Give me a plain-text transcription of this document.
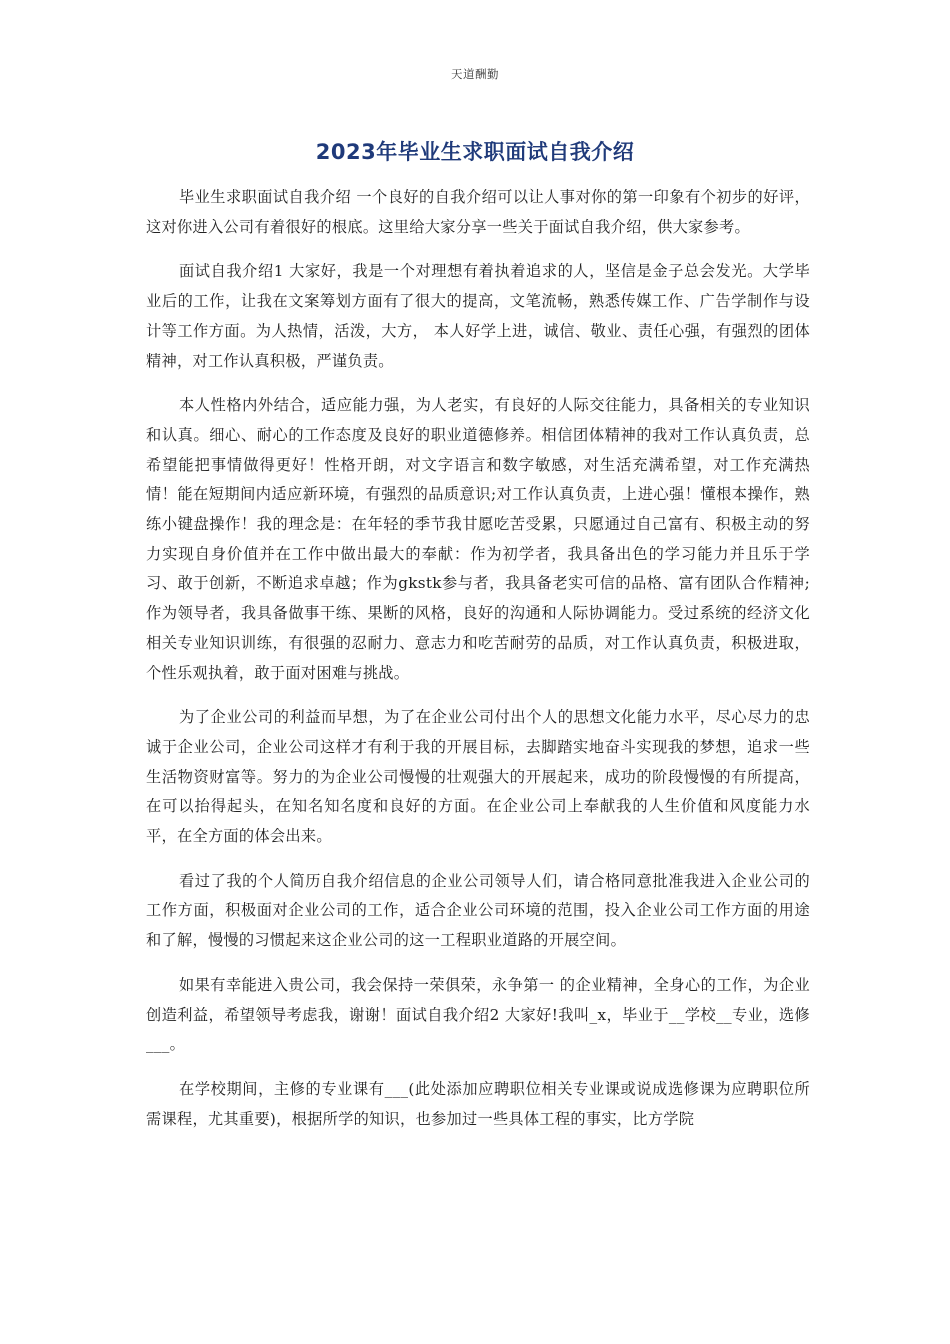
天道酬勤
2023年毕业生求职面试自我介绍

毕业生求职面试自我介绍 一个良好的自我介绍可以让人事对你的第一印象有个初步的好评，这对你进入公司有着很好的根底。这里给大家分享一些关于面试自我介绍，供大家参考。

面试自我介绍1 大家好，我是一个对理想有着执着追求的人，坚信是金子总会发光。大学毕业后的工作，让我在文案筹划方面有了很大的提高，文笔流畅，熟悉传媒工作、广告学制作与设计等工作方面。为人热情，活泼，大方， 本人好学上进，诚信、敬业、责任心强，有强烈的团体精神，对工作认真积极，严谨负责。

本人性格内外结合，适应能力强，为人老实，有良好的人际交往能力，具备相关的专业知识和认真。细心、耐心的工作态度及良好的职业道德修养。相信团体精神的我对工作认真负责，总希望能把事情做得更好！性格开朗，对文字语言和数字敏感，对生活充满希望，对工作充满热情！能在短期间内适应新环境，有强烈的品质意识;对工作认真负责，上进心强！懂根本操作，熟练小键盘操作！我的理念是：在年轻的季节我甘愿吃苦受累，只愿通过自己富有、积极主动的努力实现自身价值并在工作中做出最大的奉献：作为初学者，我具备出色的学习能力并且乐于学习、敢于创新，不断追求卓越；作为gkstk参与者，我具备老实可信的品格、富有团队合作精神;作为领导者，我具备做事干练、果断的风格，良好的沟通和人际协调能力。受过系统的经济文化相关专业知识训练，有很强的忍耐力、意志力和吃苦耐劳的品质，对工作认真负责，积极进取，个性乐观执着，敢于面对困难与挑战。

为了企业公司的利益而早想，为了在企业公司付出个人的思想文化能力水平，尽心尽力的忠诚于企业公司，企业公司这样才有利于我的开展目标，去脚踏实地奋斗实现我的梦想，追求一些生活物资财富等。努力的为企业公司慢慢的壮观强大的开展起来，成功的阶段慢慢的有所提高，在可以抬得起头，在知名知名度和良好的方面。在企业公司上奉献我的人生价值和风度能力水平，在全方面的体会出来。

看过了我的个人简历自我介绍信息的企业公司领导人们，请合格同意批准我进入企业公司的工作方面，积极面对企业公司的工作，适合企业公司环境的范围，投入企业公司工作方面的用途和了解，慢慢的习惯起来这企业公司的这一工程职业道路的开展空间。

如果有幸能进入贵公司，我会保持一荣俱荣，永争第一 的企业精神，全身心的工作，为企业创造利益，希望领导考虑我，谢谢！面试自我介绍2 大家好!我叫_x，毕业于__学校__专业，选修___。

在学校期间，主修的专业课有___(此处添加应聘职位相关专业课或说成选修课为应聘职位所需课程，尤其重要)，根据所学的知识，也参加过一些具体工程的事实，比方学院
